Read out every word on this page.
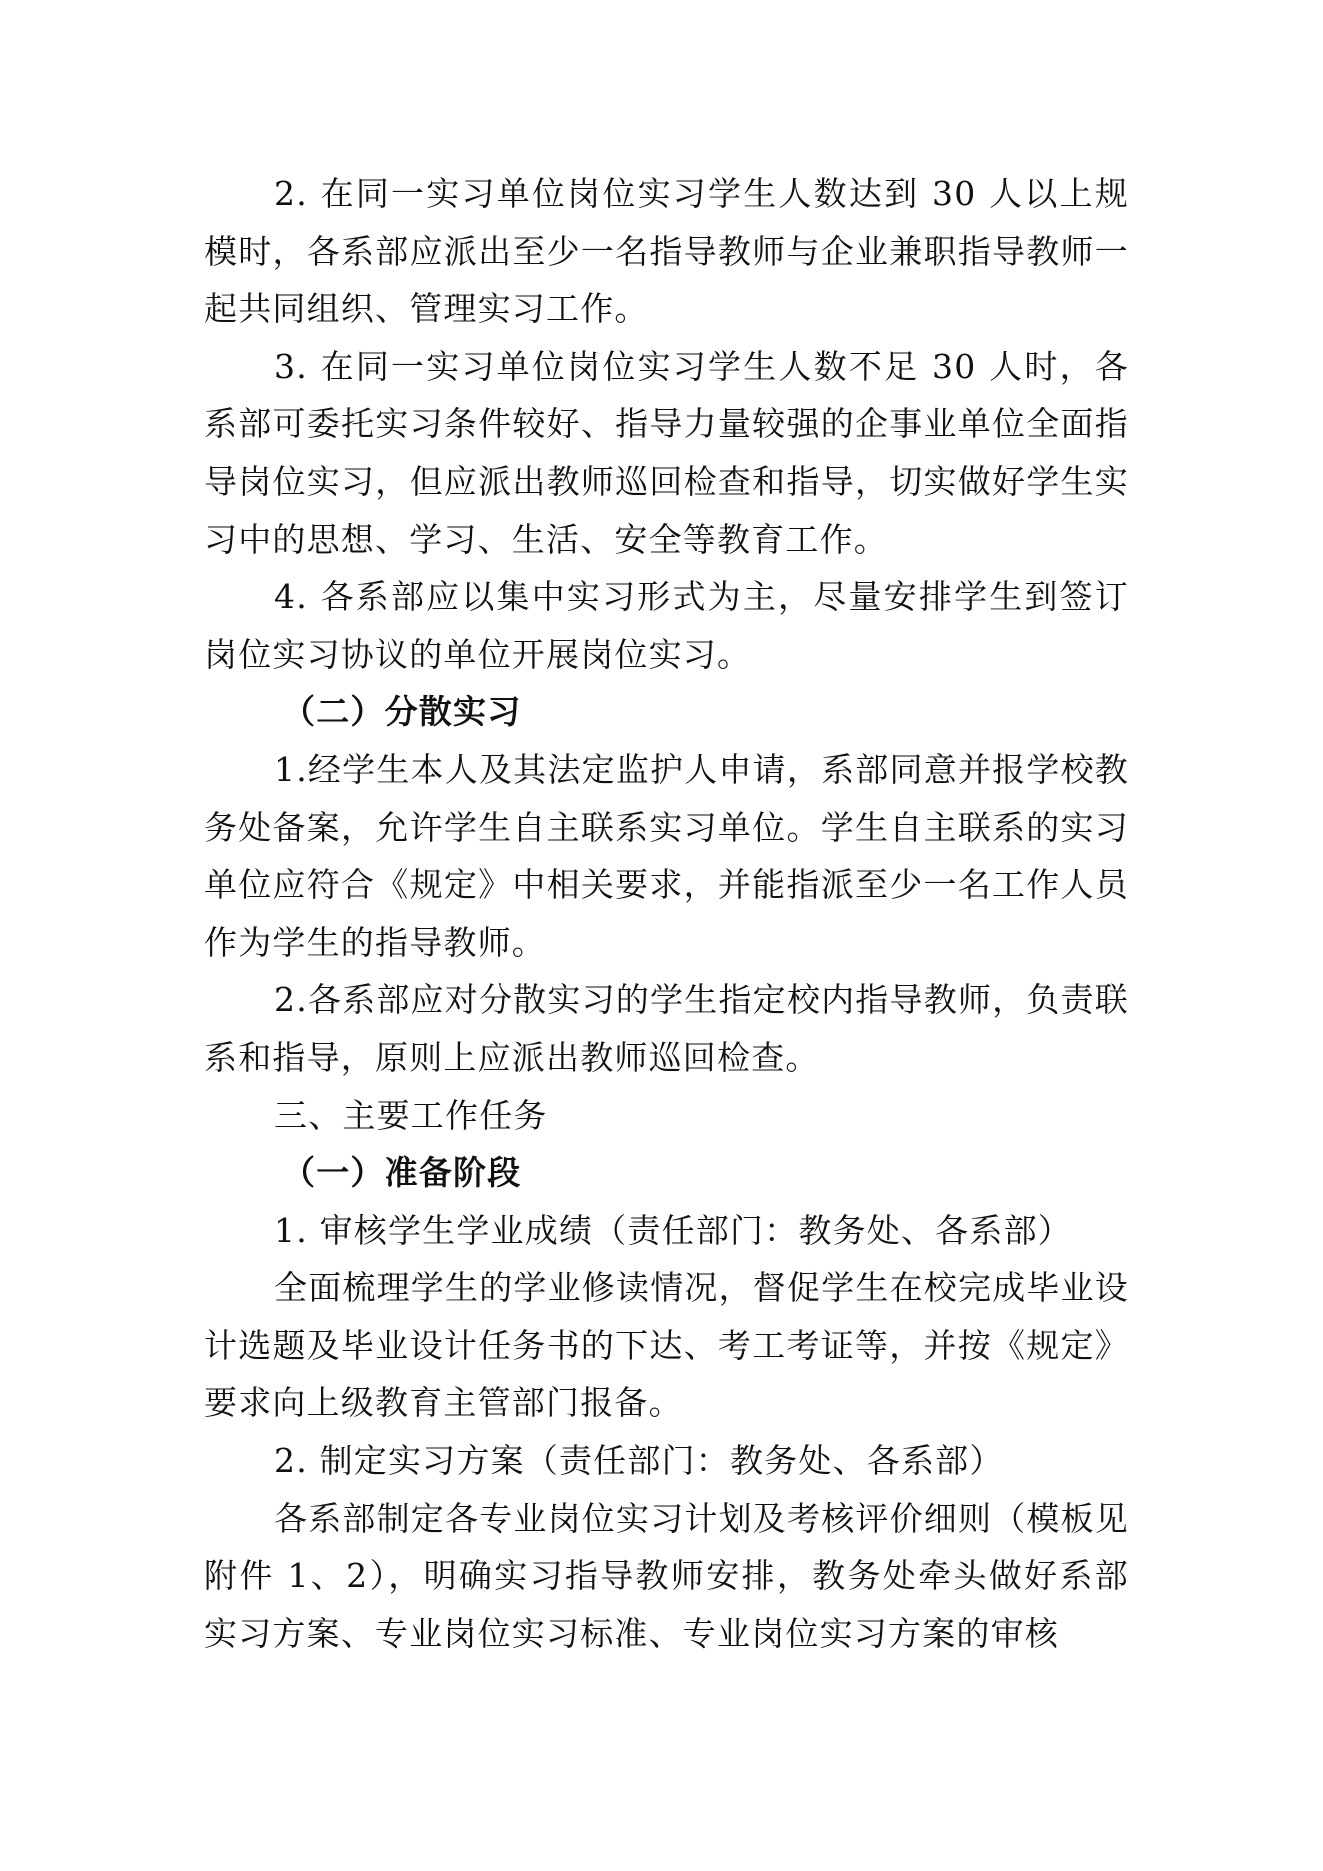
2. 在同一实习单位岗位实习学生人数达到 30 人以上规模时，各系部应派出至少一名指导教师与企业兼职指导教师一起共同组织、管理实习工作。

3. 在同一实习单位岗位实习学生人数不足 30 人时，各系部可委托实习条件较好、指导力量较强的企事业单位全面指导岗位实习，但应派出教师巡回检查和指导，切实做好学生实习中的思想、学习、生活、安全等教育工作。

4. 各系部应以集中实习形式为主，尽量安排学生到签订岗位实习协议的单位开展岗位实习。

（二）分散实习

1.经学生本人及其法定监护人申请，系部同意并报学校教务处备案，允许学生自主联系实习单位。学生自主联系的实习单位应符合《规定》中相关要求，并能指派至少一名工作人员作为学生的指导教师。

2.各系部应对分散实习的学生指定校内指导教师，负责联系和指导，原则上应派出教师巡回检查。

三、主要工作任务

（一）准备阶段

1. 审核学生学业成绩（责任部门：教务处、各系部）

全面梳理学生的学业修读情况，督促学生在校完成毕业设计选题及毕业设计任务书的下达、考工考证等，并按《规定》要求向上级教育主管部门报备。

2. 制定实习方案（责任部门：教务处、各系部）

各系部制定各专业岗位实习计划及考核评价细则（模板见附件 1、2），明确实习指导教师安排，教务处牵头做好系部实习方案、专业岗位实习标准、专业岗位实习方案的审核
